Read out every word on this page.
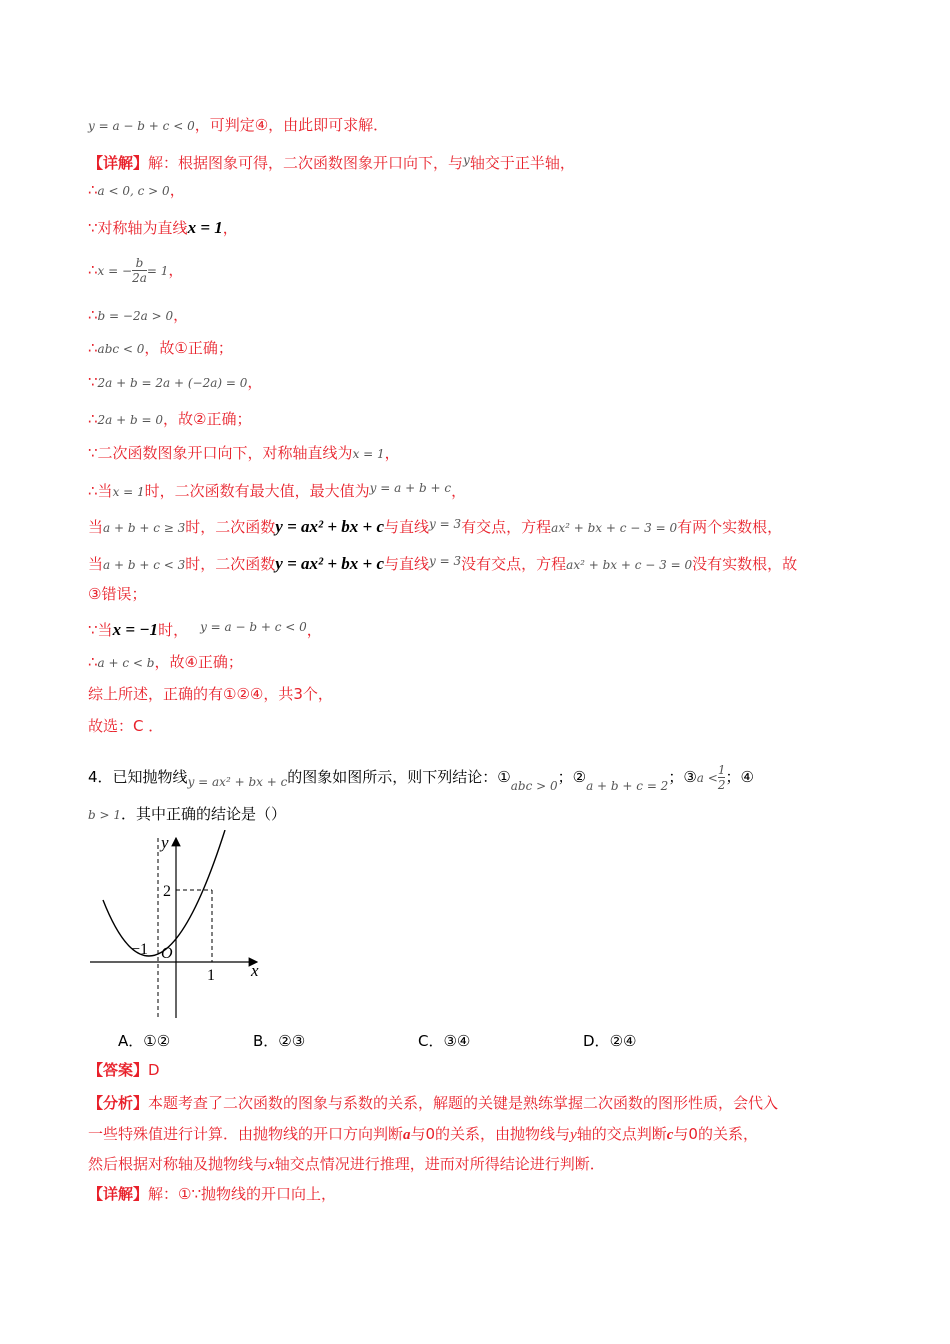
y = a − b + c < 0，可判定④，由此即可求解．
【详解】解：根据图象可得，二次函数图象开口向下，与$^y$轴交于正半轴，
∴a < 0, c > 0，
∵对称轴为直线x = 1，
∴x = − $\frac{b}{2a} = 1$，
∴b = −2a > 0，
∴abc < 0，故①正确；
∵2a + b = 2a + (−2a) = 0，
∴2a + b = 0，故②正确；
∵二次函数图象开口向下，对称轴直线为x = 1，
∴当x = 1时，二次函数有最大值，最大值为$^{y = a + b + c}$，
当a + b + c ≥ 3时，二次函数y = ax² + bx + c与直线$^{y = 3}$有交点，方程ax² + bx + c − 3 = 0有两个实数根，
当a + b + c < 3时，二次函数y = ax² + bx + c与直线$^{y = 3}$没有交点，方程ax² + bx + c − 3 = 0没有实数根，故
③错误；
∵当x = −1时， $^{y = a - b + c < 0}$，
∴a + c < b，故④正确；
综上所述，正确的有①②④，共3个，
故选：C ．
4．已知抛物线$_{y = ax^2 + bx + c}$的图象如图所示，则下列结论：$①_{abc > 0}$；$②_{a + b + c = 2}$；③a < $\frac{1}{2}$ ；④
b > 1．其中正确的结论是（）
y
x
O
2
1
−1
A．①②	B．②③	C．③④	D．②④
【答案】D
【分析】本题考查了二次函数的图象与系数的关系，解题的关键是熟练掌握二次函数的图形性质，会代入
一些特殊值进行计算．由抛物线的开口方向判断a与0的关系，由抛物线与y轴的交点判断c与0的关系，
然后根据对称轴及抛物线与x轴交点情况进行推理，进而对所得结论进行判断．
【详解】解：①∵抛物线的开口向上，
